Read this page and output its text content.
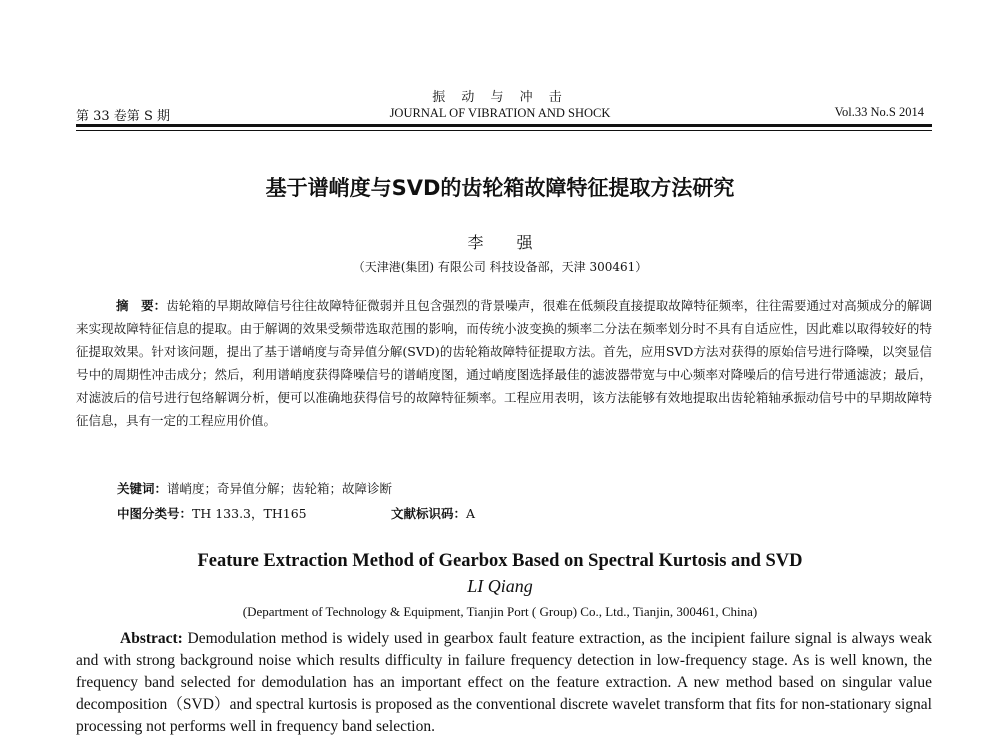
振 动 与 冲 击
第 33 卷第 S 期	JOURNAL OF VIBRATION AND SHOCK	Vol.33 No.S 2014
基于谱峭度与SVD的齿轮箱故障特征提取方法研究
李 强
（天津港(集团) 有限公司 科技设备部，天津 300461）
摘　要：齿轮箱的早期故障信号往往故障特征微弱并且包含强烈的背景噪声，很难在低频段直接提取故障特征频率，往往需要通过对高频成分的解调来实现故障特征信息的提取。由于解调的效果受频带选取范围的影响，而传统小波变换的频率二分法在频率划分时不具有自适应性，因此难以取得较好的特征提取效果。针对该问题，提出了基于谱峭度与奇异值分解(SVD)的齿轮箱故障特征提取方法。首先，应用SVD方法对获得的原始信号进行降噪，以突显信号中的周期性冲击成分；然后，利用谱峭度获得降噪信号的谱峭度图，通过峭度图选择最佳的滤波器带宽与中心频率对降噪后的信号进行带通滤波；最后，对滤波后的信号进行包络解调分析，便可以准确地获得信号的故障特征频率。工程应用表明，该方法能够有效地提取出齿轮箱轴承振动信号中的早期故障特征信息，具有一定的工程应用价值。
关键词：谱峭度；奇异值分解；齿轮箱；故障诊断
中图分类号：TH 133.3，TH165	文献标识码：A
Feature Extraction Method of Gearbox Based on Spectral Kurtosis and SVD
LI Qiang
(Department of Technology & Equipment, Tianjin Port ( Group) Co., Ltd., Tianjin, 300461, China)
Abstract: Demodulation method is widely used in gearbox fault feature extraction, as the incipient failure signal is always weak and with strong background noise which results difficulty in failure frequency detection in low-frequency stage. As is well known, the frequency band selected for demodulation has an important effect on the feature extraction. A new method based on singular value decomposition（SVD）and spectral kurtosis is proposed as the conventional discrete wavelet transform that fits for non-stationary signal processing not performs well in frequency band selection.
